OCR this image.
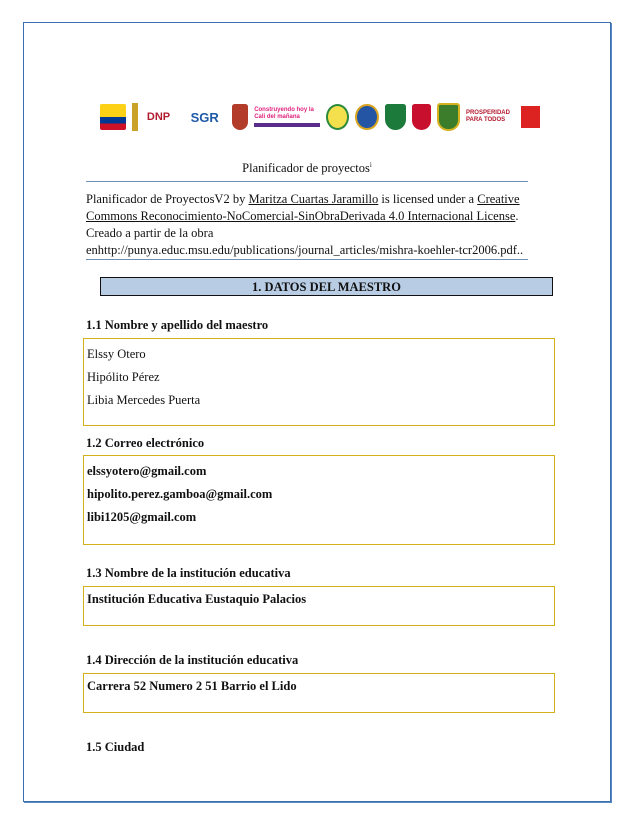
DNP	SGR	Construyendo hoy la Cali del mañana
PROSPERIDAD PARA TODOS
Planificador de proyectos$^i$
Planificador de ProyectosV2 by Maritza Cuartas Jaramillo is licensed under a Creative Commons Reconocimiento-NoComercial-SinObraDerivada 4.0 Internacional License.
Creado a partir de la obra
enhttp://punya.educ.msu.edu/publications/journal_articles/mishra-koehler-tcr2006.pdf..
1. DATOS DEL MAESTRO
1.1 Nombre y apellido del maestro
Elssy Otero
Hipólito Pérez
Libia Mercedes Puerta
1.2 Correo electrónico
elssyotero@gmail.com
hipolito.perez.gamboa@gmail.com
libi1205@gmail.com
1.3 Nombre de la institución educativa
Institución Educativa Eustaquio Palacios
1.4 Dirección de la institución educativa
Carrera 52 Numero 2 51 Barrio el Lido
1.5 Ciudad
